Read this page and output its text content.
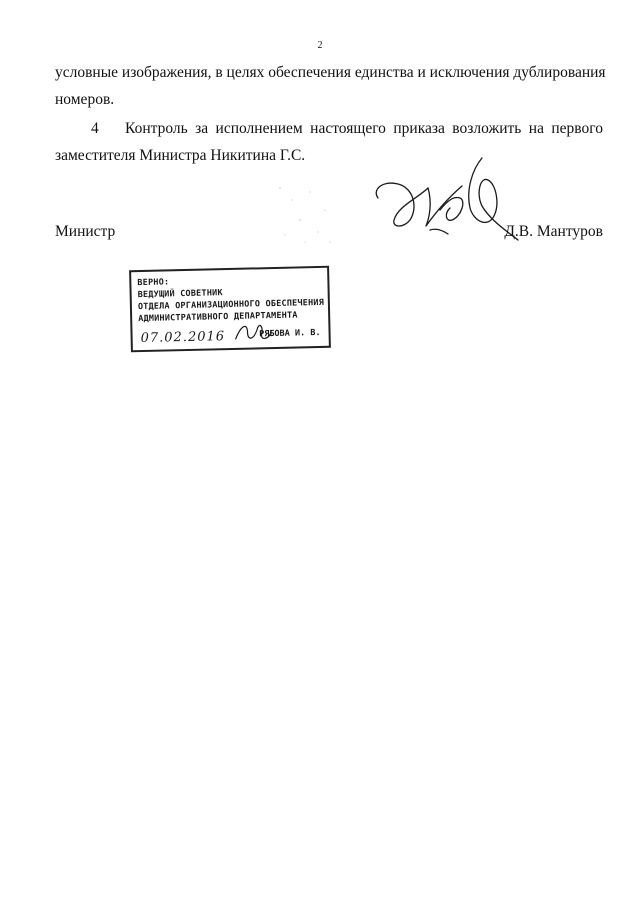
2
условные изображения, в целях обеспечения единства и исключения дублирования
номеров.
4 Контроль за исполнением настоящего приказа возложить на первого
заместителя Министра Никитина Г.С.
Министр	Д.В. Мантуров
ВЕРНО:
ВЕДУЩИЙ СОВЕТНИК
ОТДЕЛА ОРГАНИЗАЦИОННОГО ОБЕСПЕЧЕНИЯ
АДМИНИСТРАТИВНОГО ДЕПАРТАМЕНТА
07.02.2016	РЯБОВА И. В.
